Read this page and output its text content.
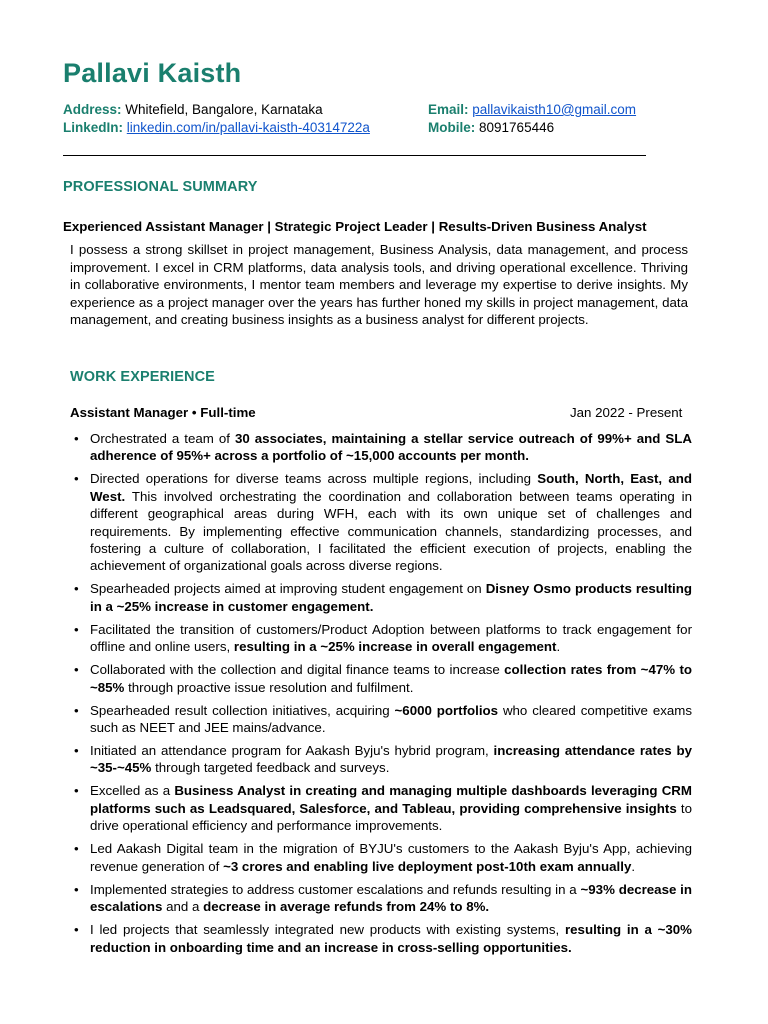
Pallavi Kaisth
Address: Whitefield, Bangalore, Karnataka	Email: pallavikaisth10@gmail.com
LinkedIn: linkedin.com/in/pallavi-kaisth-40314722a	Mobile: 8091765446
PROFESSIONAL SUMMARY
Experienced Assistant Manager | Strategic Project Leader | Results-Driven Business Analyst

I possess a strong skillset in project management, Business Analysis, data management, and process improvement. I excel in CRM platforms, data analysis tools, and driving operational excellence. Thriving in collaborative environments, I mentor team members and leverage my expertise to derive insights. My experience as a project manager over the years has further honed my skills in project management, data management, and creating business insights as a business analyst for different projects.

WORK EXPERIENCE
Assistant Manager • Full-time	Jan 2022 - Present
• Orchestrated a team of 30 associates, maintaining a stellar service outreach of 99%+ and SLA adherence of 95%+ across a portfolio of ~15,000 accounts per month.
• Directed operations for diverse teams across multiple regions, including South, North, East, and West. This involved orchestrating the coordination and collaboration between teams operating in different geographical areas during WFH, each with its own unique set of challenges and requirements. By implementing effective communication channels, standardizing processes, and fostering a culture of collaboration, I facilitated the efficient execution of projects, enabling the achievement of organizational goals across diverse regions.
• Spearheaded projects aimed at improving student engagement on Disney Osmo products resulting in a ~25% increase in customer engagement.
• Facilitated the transition of customers/Product Adoption between platforms to track engagement for offline and online users, resulting in a ~25% increase in overall engagement.
• Collaborated with the collection and digital finance teams to increase collection rates from ~47% to ~85% through proactive issue resolution and fulfilment.
• Spearheaded result collection initiatives, acquiring ~6000 portfolios who cleared competitive exams such as NEET and JEE mains/advance.
• Initiated an attendance program for Aakash Byju's hybrid program, increasing attendance rates by ~35-~45% through targeted feedback and surveys.
• Excelled as a Business Analyst in creating and managing multiple dashboards leveraging CRM platforms such as Leadsquared, Salesforce, and Tableau, providing comprehensive insights to drive operational efficiency and performance improvements.
• Led Aakash Digital team in the migration of BYJU's customers to the Aakash Byju's App, achieving revenue generation of ~3 crores and enabling live deployment post-10th exam annually.
• Implemented strategies to address customer escalations and refunds resulting in a ~93% decrease in escalations and a decrease in average refunds from 24% to 8%.
• I led projects that seamlessly integrated new products with existing systems, resulting in a ~30% reduction in onboarding time and an increase in cross-selling opportunities.
